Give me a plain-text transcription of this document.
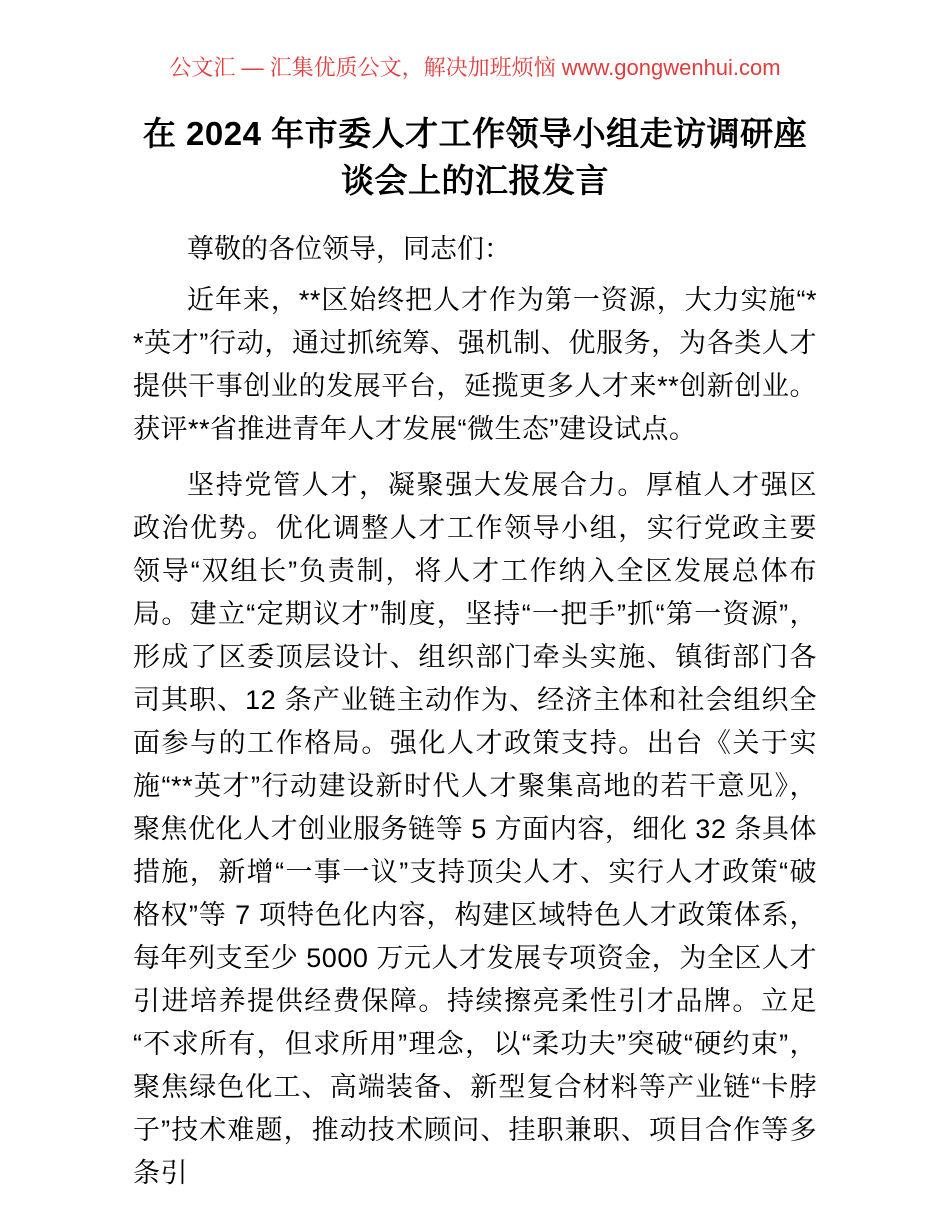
公文汇 — 汇集优质公文，解决加班烦恼 www.gongwenhui.com
在 2024 年市委人才工作领导小组走访调研座谈会上的汇报发言

尊敬的各位领导，同志们：

近年来，**区始终把人才作为第一资源，大力实施“**英才”行动，通过抓统筹、强机制、优服务，为各类人才提供干事创业的发展平台，延揽更多人才来**创新创业。获评**省推进青年人才发展“微生态”建设试点。

坚持党管人才，凝聚强大发展合力。厚植人才强区政治优势。优化调整人才工作领导小组，实行党政主要领导“双组长”负责制，将人才工作纳入全区发展总体布局。建立“定期议才”制度，坚持“一把手”抓“第一资源”，形成了区委顶层设计、组织部门牵头实施、镇街部门各司其职、12 条产业链主动作为、经济主体和社会组织全面参与的工作格局。强化人才政策支持。出台《关于实施“**英才”行动建设新时代人才聚集高地的若干意见》，聚焦优化人才创业服务链等 5 方面内容，细化 32 条具体措施，新增“一事一议”支持顶尖人才、实行人才政策“破格权”等 7 项特色化内容，构建区域特色人才政策体系，每年列支至少 5000 万元人才发展专项资金，为全区人才引进培养提供经费保障。持续擦亮柔性引才品牌。立足“不求所有，但求所用”理念，以“柔功夫”突破“硬约束”，聚焦绿色化工、高端装备、新型复合材料等产业链“卡脖子”技术难题，推动技术顾问、挂职兼职、项目合作等多条引
